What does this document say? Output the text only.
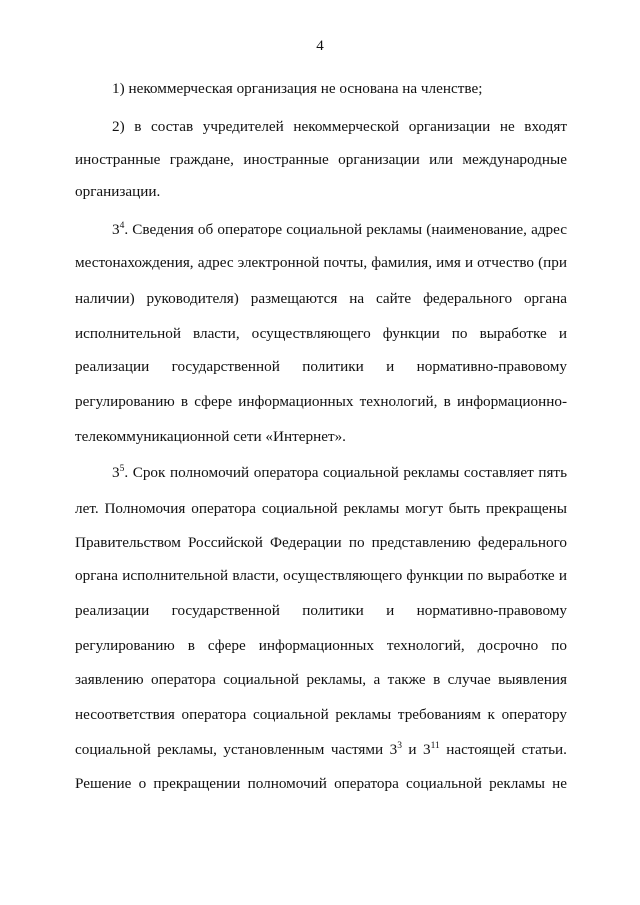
4
1) некоммерческая организация не основана на членстве;
2) в состав учредителей некоммерческой организации не входят
иностранные граждане, иностранные организации или международные
организации.
$3^4$. Сведения об операторе социальной рекламы (наименование, адрес
местонахождения, адрес электронной почты, фамилия, имя и отчество (при
наличии) руководителя) размещаются на сайте федерального органа
исполнительной власти, осуществляющего функции по выработке и
реализации государственной политики и нормативно-правовому
регулированию в сфере информационных технологий, в информационно-
телекоммуникационной сети «Интернет».
$3^5$. Срок полномочий оператора социальной рекламы составляет пять
лет. Полномочия оператора социальной рекламы могут быть прекращены
Правительством Российской Федерации по представлению федерального
органа исполнительной власти, осуществляющего функции по выработке и
реализации государственной политики и нормативно-правовому
регулированию в сфере информационных технологий, досрочно по
заявлению оператора социальной рекламы, а также в случае выявления
несоответствия оператора социальной рекламы требованиям к оператору
социальной рекламы, установленным частями $3^3$ и $3^{11}$ настоящей статьи.
Решение о прекращении полномочий оператора социальной рекламы не
